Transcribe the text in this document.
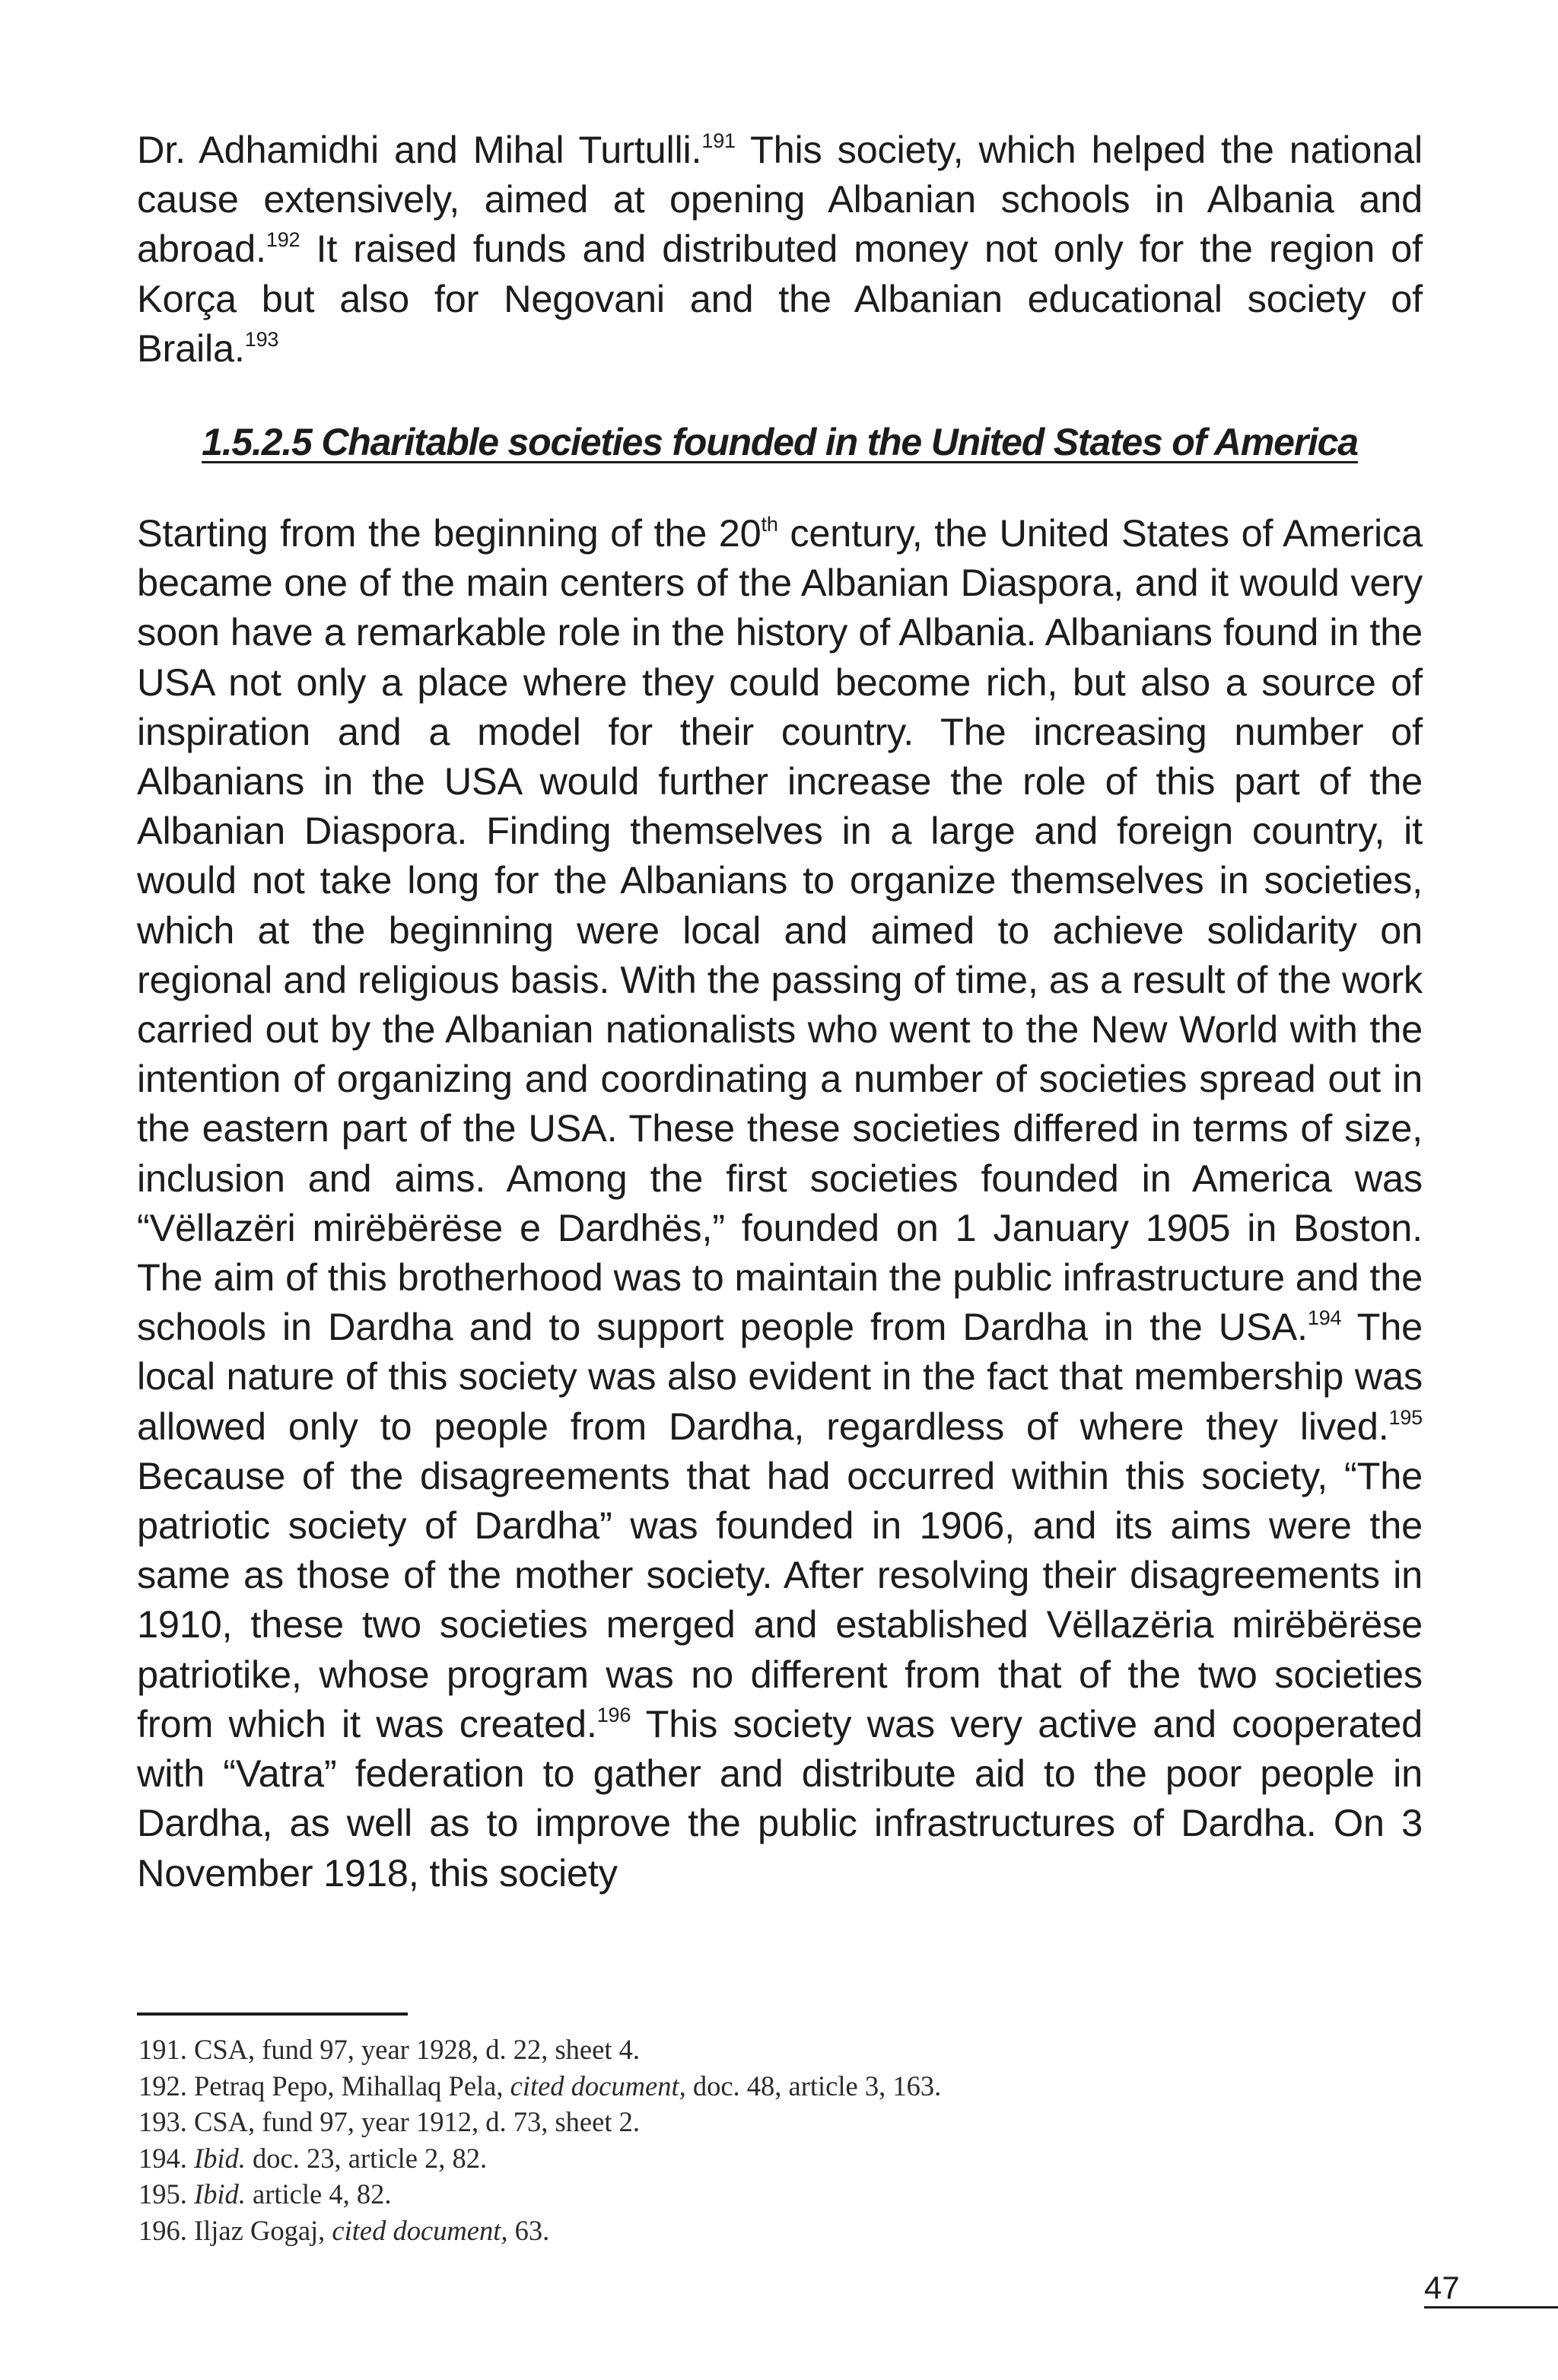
Dr. Adhamidhi and Mihal Turtulli.$^{191}$ This society, which helped the national cause extensively, aimed at opening Albanian schools in Albania and abroad.$^{192}$ It raised funds and distributed money not only for the region of Korça but also for Negovani and the Albanian educational society of Braila.$^{193}$

1.5.2.5 Charitable societies founded in the United States of America

Starting from the beginning of the 20th century, the United States of America became one of the main centers of the Albanian Diaspora, and it would very soon have a remarkable role in the history of Albania. Albanians found in the USA not only a place where they could become rich, but also a source of inspiration and a model for their country. The increasing number of Albanians in the USA would further increase the role of this part of the Albanian Diaspora. Finding themselves in a large and foreign country, it would not take long for the Albanians to organize themselves in societies, which at the beginning were local and aimed to achieve solidarity on regional and religious basis. With the passing of time, as a result of the work carried out by the Albanian nationalists who went to the New World with the intention of organizing and coordinating a number of societies spread out in the eastern part of the USA. These these societies differed in terms of size, inclusion and aims. Among the first societies founded in America was “Vëllazëri mirëbërëse e Dardhës,” founded on 1 January 1905 in Boston. The aim of this brotherhood was to maintain the public infrastructure and the schools in Dardha and to support people from Dardha in the USA.$^{194}$ The local nature of this society was also evident in the fact that membership was allowed only to people from Dardha, regardless of where they lived.$^{195}$ Because of the disagreements that had occurred within this society, “The patriotic society of Dardha” was founded in 1906, and its aims were the same as those of the mother society. After resolving their disagreements in 1910, these two societies merged and established Vëllazëria mirëbërëse patriotike, whose program was no different from that of the two societies from which it was created.$^{196}$ This society was very active and cooperated with “Vatra” federation to gather and distribute aid to the poor people in Dardha, as well as to improve the public infrastructures of Dardha. On 3 November 1918, this society

191. CSA, fund 97, year 1928, d. 22, sheet 4.

192. Petraq Pepo, Mihallaq Pela, cited document, doc. 48, article 3, 163.

193. CSA, fund 97, year 1912, d. 73, sheet 2.

194. Ibid. doc. 23, article 2, 82.

195. Ibid. article 4, 82.

196. Iljaz Gogaj, cited document, 63.

47
